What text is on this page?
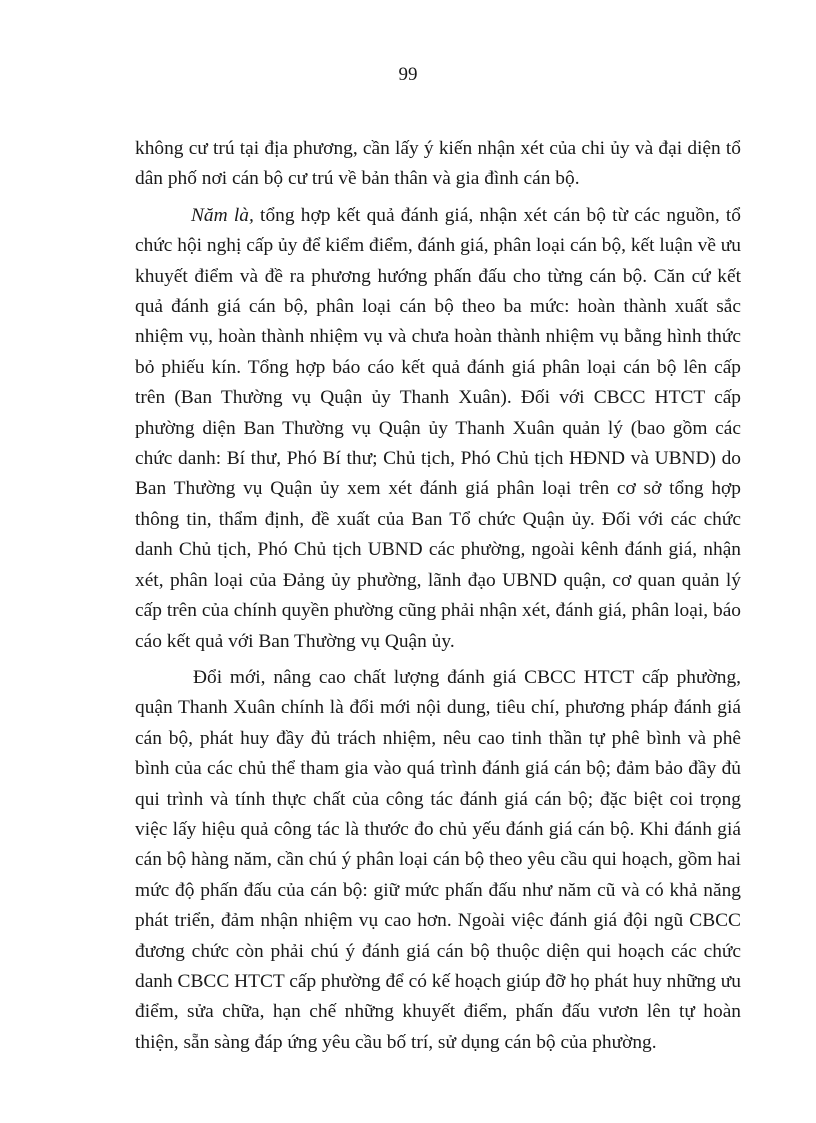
99

không cư trú tại địa phương, cần lấy ý kiến nhận xét của chi ủy và đại diện tổ dân phố nơi cán bộ cư trú về bản thân và gia đình cán bộ.

Năm là, tổng hợp kết quả đánh giá, nhận xét cán bộ từ các nguồn, tổ chức hội nghị cấp ủy để kiểm điểm, đánh giá, phân loại cán bộ, kết luận về ưu khuyết điểm và đề ra phương hướng phấn đấu cho từng cán bộ. Căn cứ kết quả đánh giá cán bộ, phân loại cán bộ theo ba mức: hoàn thành xuất sắc nhiệm vụ, hoàn thành nhiệm vụ và chưa hoàn thành nhiệm vụ bằng hình thức bỏ phiếu kín. Tổng hợp báo cáo kết quả đánh giá phân loại cán bộ lên cấp trên (Ban Thường vụ Quận ủy Thanh Xuân). Đối với CBCC HTCT cấp phường diện Ban Thường vụ Quận ủy Thanh Xuân quản lý (bao gồm các chức danh: Bí thư, Phó Bí thư; Chủ tịch, Phó Chủ tịch HĐND và UBND) do Ban Thường vụ Quận ủy xem xét đánh giá phân loại trên cơ sở tổng hợp thông tin, thẩm định, đề xuất của Ban Tổ chức Quận ủy. Đối với các chức danh Chủ tịch, Phó Chủ tịch UBND các phường, ngoài kênh đánh giá, nhận xét, phân loại của Đảng ủy phường, lãnh đạo UBND quận, cơ quan quản lý cấp trên của chính quyền phường cũng phải nhận xét, đánh giá, phân loại, báo cáo kết quả với Ban Thường vụ Quận ủy.

Đổi mới, nâng cao chất lượng đánh giá CBCC HTCT cấp phường, quận Thanh Xuân chính là đổi mới nội dung, tiêu chí, phương pháp đánh giá cán bộ, phát huy đầy đủ trách nhiệm, nêu cao tinh thần tự phê bình và phê bình của các chủ thể tham gia vào quá trình đánh giá cán bộ; đảm bảo đầy đủ qui trình và tính thực chất của công tác đánh giá cán bộ; đặc biệt coi trọng việc lấy hiệu quả công tác là thước đo chủ yếu đánh giá cán bộ. Khi đánh giá cán bộ hàng năm, cần chú ý phân loại cán bộ theo yêu cầu qui hoạch, gồm hai mức độ phấn đấu của cán bộ: giữ mức phấn đấu như năm cũ và có khả năng phát triển, đảm nhận nhiệm vụ cao hơn. Ngoài việc đánh giá đội ngũ CBCC đương chức còn phải chú ý đánh giá cán bộ thuộc diện qui hoạch các chức danh CBCC HTCT cấp phường để có kế hoạch giúp đỡ họ phát huy những ưu điểm, sửa chữa, hạn chế những khuyết điểm, phấn đấu vươn lên tự hoàn thiện, sẵn sàng đáp ứng yêu cầu bố trí, sử dụng cán bộ của phường.
